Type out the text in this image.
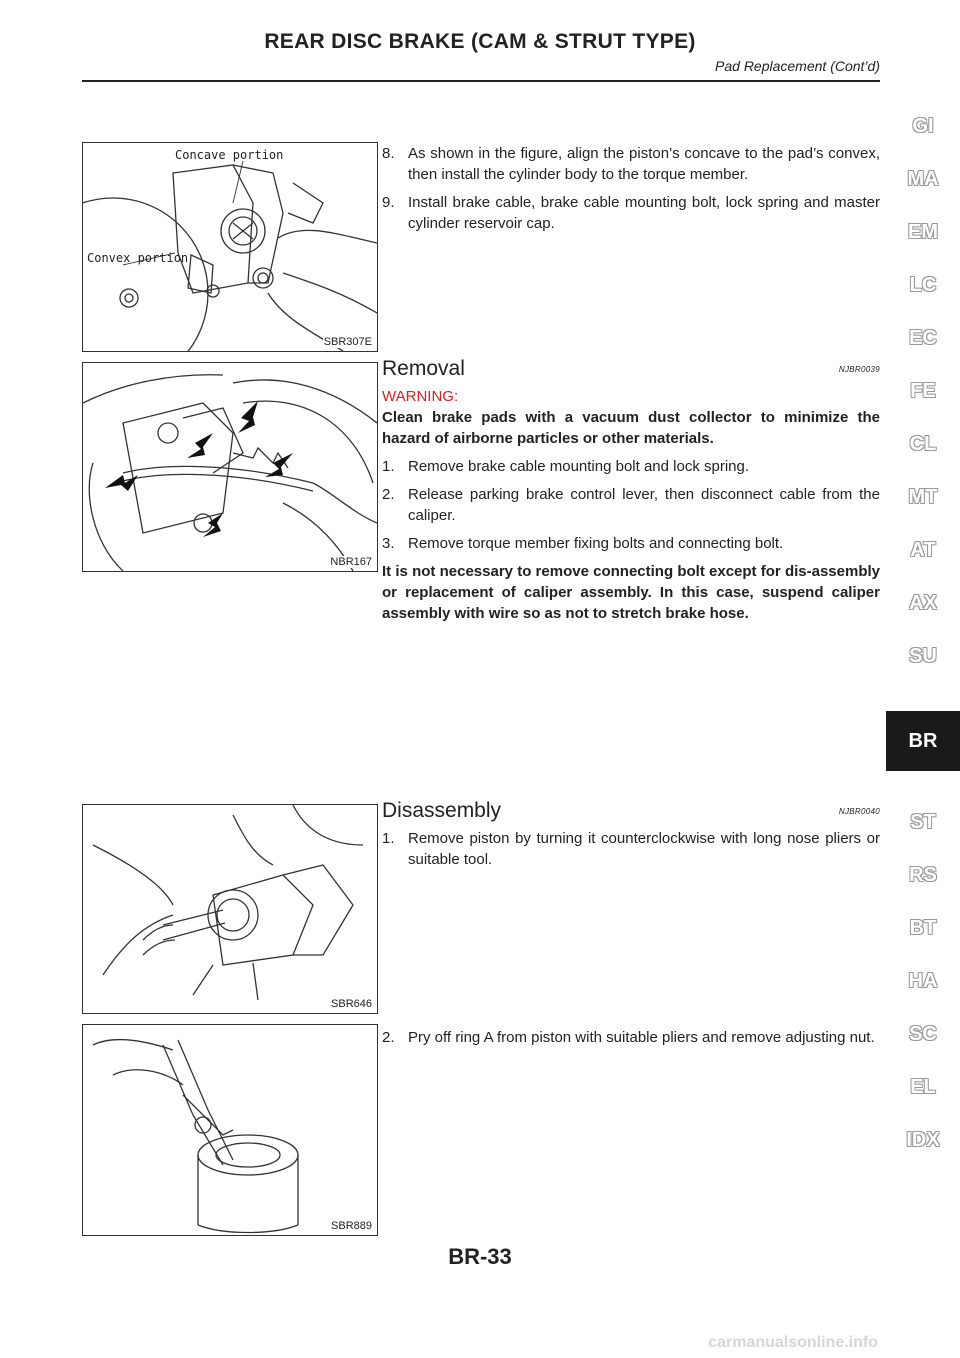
REAR DISC BRAKE (CAM & STRUT TYPE)
Pad Replacement (Cont’d)
Concave portion
Convex portion
SBR307E
NBR167
SBR646
SBR889
8. As shown in the figure, align the piston’s concave to the pad’s convex, then install the cylinder body to the torque member.
9. Install brake cable, brake cable mounting bolt, lock spring and master cylinder reservoir cap.
Removal	NJBR0039
WARNING:
Clean brake pads with a vacuum dust collector to minimize the hazard of airborne particles or other materials.
1. Remove brake cable mounting bolt and lock spring.
2. Release parking brake control lever, then disconnect cable from the caliper.
3. Remove torque member fixing bolts and connecting bolt.
It is not necessary to remove connecting bolt except for dis-assembly or replacement of caliper assembly. In this case, suspend caliper assembly with wire so as not to stretch brake hose.
Disassembly	NJBR0040
1. Remove piston by turning it counterclockwise with long nose pliers or suitable tool.
2. Pry off ring A from piston with suitable pliers and remove adjusting nut.
GI
MA
EM
LC
EC
FE
CL
MT
AT
AX
SU
BR
ST
RS
BT
HA
SC
EL
IDX
BR-33
carmanualsonline.info
